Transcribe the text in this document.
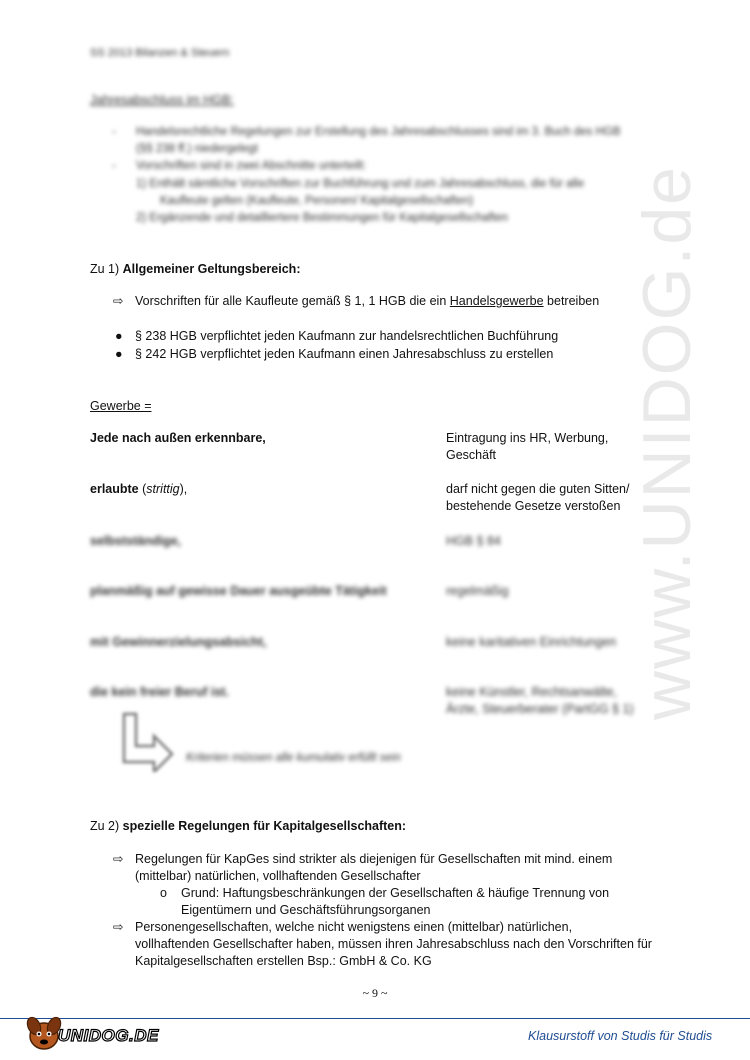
www.UNIDOG.de
SS 2013 Bilanzen & Steuern
Jahresabschluss im HGB:
- Handelsrechtliche Regelungen zur Erstellung des Jahresabschlusses sind im 3. Buch des HGB
(§§ 238 ff.) niedergelegt
- Vorschriften sind in zwei Abschnitte unterteilt:
1) Enthält sämtliche Vorschriften zur Buchführung und zum Jahresabschluss, die für alle
Kaufleute gelten (Kaufleute, Personen/ Kapitalgesellschaften)
2) Ergänzende und detailliertere Bestimmungen für Kapitalgesellschaften
Zu 1) Allgemeiner Geltungsbereich:
⇨ Vorschriften für alle Kaufleute gemäß § 1, 1 HGB die ein Handelsgewerbe betreiben
● § 238 HGB verpflichtet jeden Kaufmann zur handelsrechtlichen Buchführung
● § 242 HGB verpflichtet jeden Kaufmann einen Jahresabschluss zu erstellen
Gewerbe =
Jede nach außen erkennbare,	Eintragung ins HR, Werbung,
Geschäft
erlaubte (strittig),	darf nicht gegen die guten Sitten/
bestehende Gesetze verstoßen
selbstständige,	HGB § 84
planmäßig auf gewisse Dauer ausgeübte Tätigkeit	regelmäßig
mit Gewinnerzielungsabsicht,	keine karitativen Einrichtungen
die kein freier Beruf ist.	keine Künstler, Rechtsanwälte,
Ärzte, Steuerberater (PartGG § 1)
Kriterien müssen alle kumulativ erfüllt sein
Zu 2) spezielle Regelungen für Kapitalgesellschaften:
⇨ Regelungen für KapGes sind strikter als diejenigen für Gesellschaften mit mind. einem
(mittelbar) natürlichen, vollhaftenden Gesellschafter
o Grund: Haftungsbeschränkungen der Gesellschaften & häufige Trennung von
Eigentümern und Geschäftsführungsorganen
⇨ Personengesellschaften, welche nicht wenigstens einen (mittelbar) natürlichen,
vollhaftenden Gesellschafter haben, müssen ihren Jahresabschluss nach den Vorschriften für
Kapitalgesellschaften erstellen Bsp.: GmbH & Co. KG
~ 9 ~
UNIDOG.DE	Klausurstoff von Studis für Studis
